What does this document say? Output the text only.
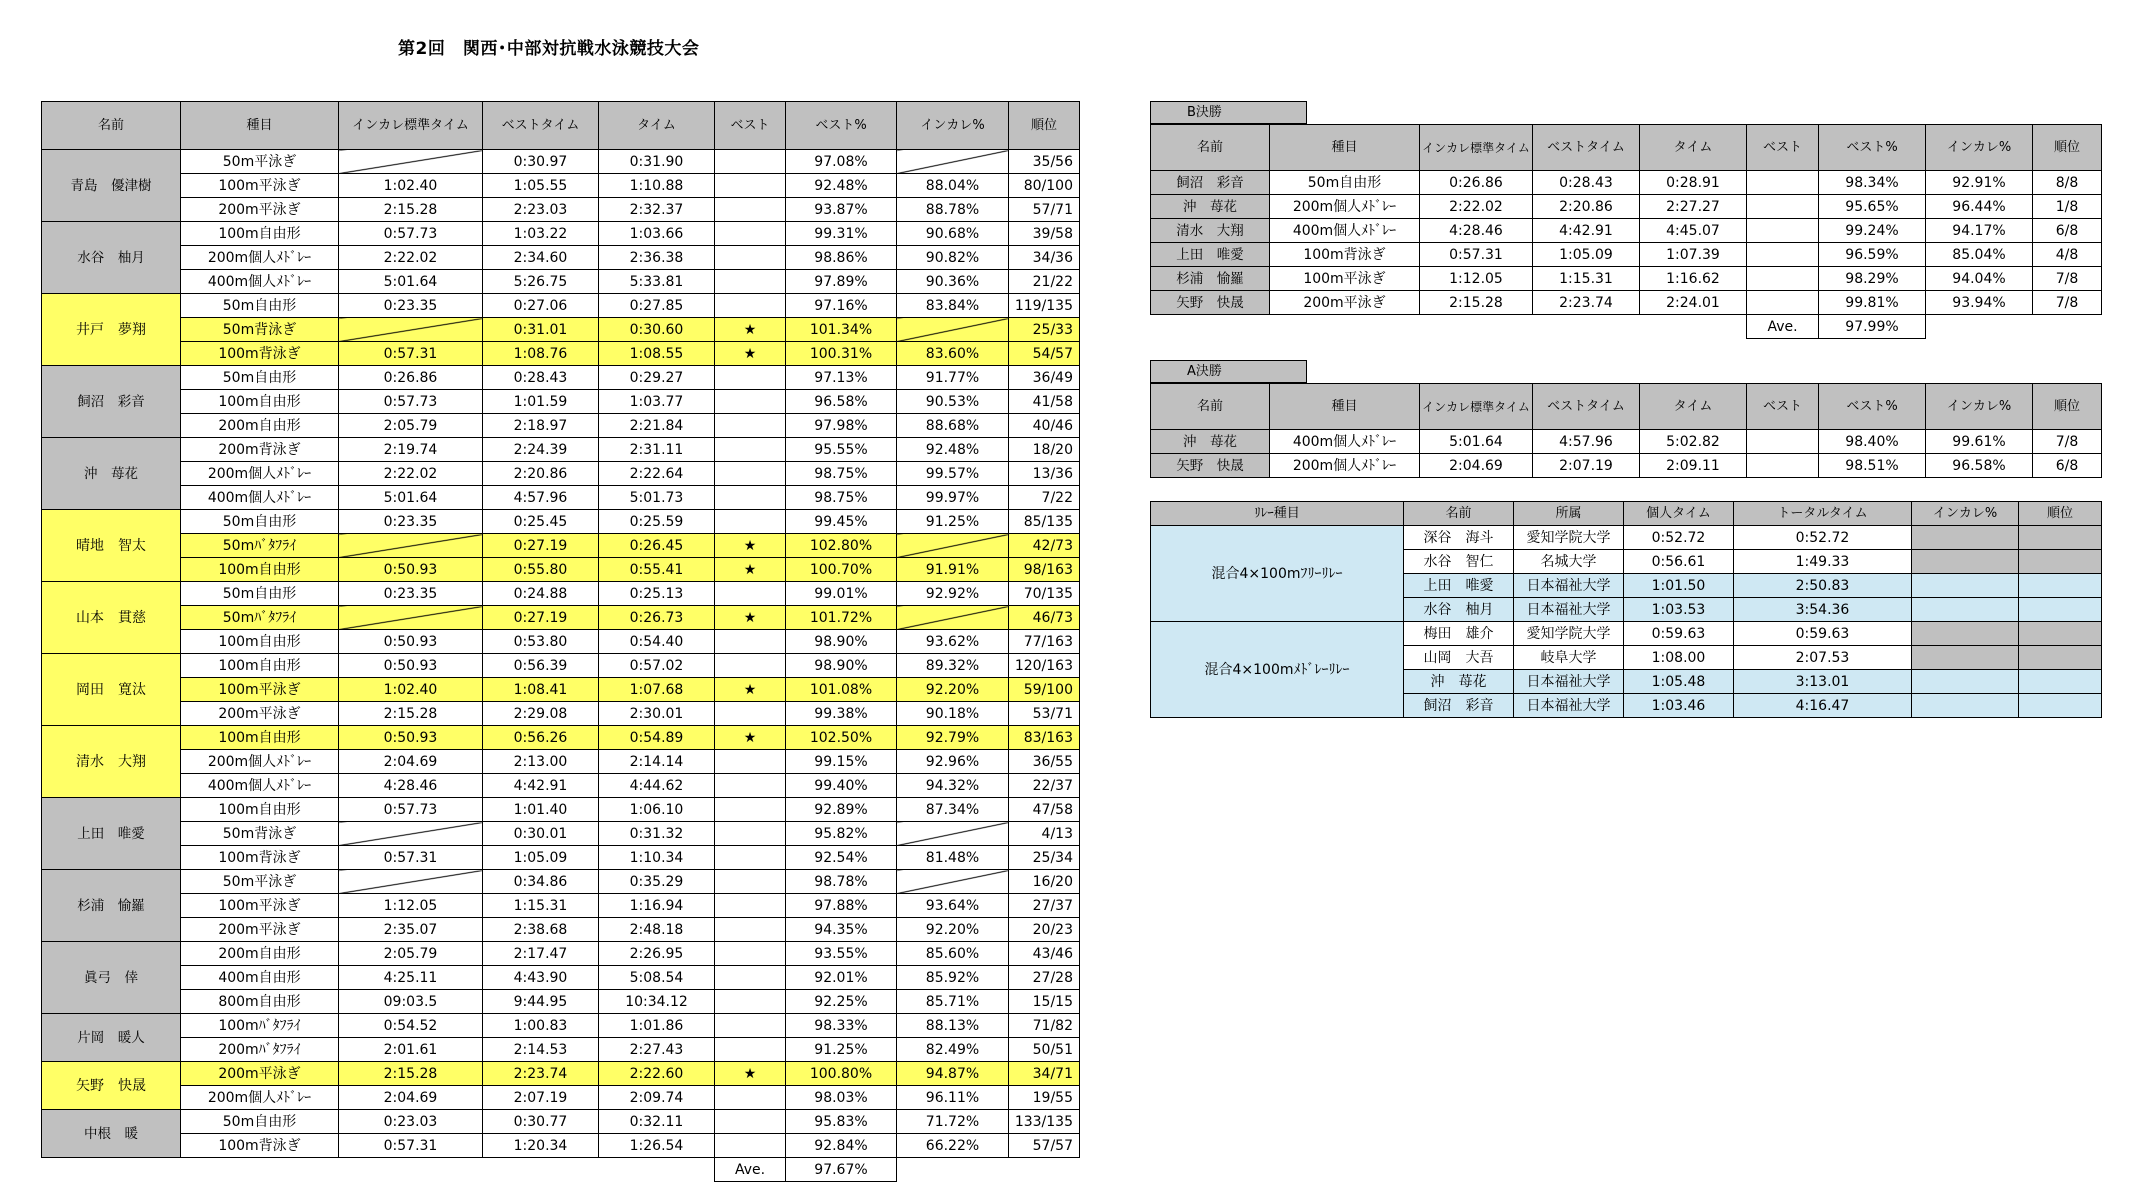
第2回　関西･中部対抗戦水泳競技大会
名前	種目	インカレ標準タイム	ベストタイム	タイム	ベスト	ベスト%	インカレ%	順位
青島　優津樹	50m平泳ぎ		0:30.97	0:31.90		97.08%		35/56
	100m平泳ぎ	1:02.40	1:05.55	1:10.88		92.48%	88.04%	80/100
	200m平泳ぎ	2:15.28	2:23.03	2:32.37		93.87%	88.78%	57/71
水谷　柚月	100m自由形	0:57.73	1:03.22	1:03.66		99.31%	90.68%	39/58
	200m個人ﾒﾄﾞﾚｰ	2:22.02	2:34.60	2:36.38		98.86%	90.82%	34/36
	400m個人ﾒﾄﾞﾚｰ	5:01.64	5:26.75	5:33.81		97.89%	90.36%	21/22
井戸　夢翔	50m自由形	0:23.35	0:27.06	0:27.85		97.16%	83.84%	119/135
	50m背泳ぎ		0:31.01	0:30.60	★	101.34%		25/33
	100m背泳ぎ	0:57.31	1:08.76	1:08.55	★	100.31%	83.60%	54/57
飼沼　彩音	50m自由形	0:26.86	0:28.43	0:29.27		97.13%	91.77%	36/49
	100m自由形	0:57.73	1:01.59	1:03.77		96.58%	90.53%	41/58
	200m自由形	2:05.79	2:18.97	2:21.84		97.98%	88.68%	40/46
沖　苺花	200m背泳ぎ	2:19.74	2:24.39	2:31.11		95.55%	92.48%	18/20
	200m個人ﾒﾄﾞﾚｰ	2:22.02	2:20.86	2:22.64		98.75%	99.57%	13/36
	400m個人ﾒﾄﾞﾚｰ	5:01.64	4:57.96	5:01.73		98.75%	99.97%	7/22
晴地　智太	50m自由形	0:23.35	0:25.45	0:25.59		99.45%	91.25%	85/135
	50mﾊﾞﾀﾌﾗｲ		0:27.19	0:26.45	★	102.80%		42/73
	100m自由形	0:50.93	0:55.80	0:55.41	★	100.70%	91.91%	98/163
山本　貫慈	50m自由形	0:23.35	0:24.88	0:25.13		99.01%	92.92%	70/135
	50mﾊﾞﾀﾌﾗｲ		0:27.19	0:26.73	★	101.72%		46/73
	100m自由形	0:50.93	0:53.80	0:54.40		98.90%	93.62%	77/163
岡田　寛汰	100m自由形	0:50.93	0:56.39	0:57.02		98.90%	89.32%	120/163
	100m平泳ぎ	1:02.40	1:08.41	1:07.68	★	101.08%	92.20%	59/100
	200m平泳ぎ	2:15.28	2:29.08	2:30.01		99.38%	90.18%	53/71
清水　大翔	100m自由形	0:50.93	0:56.26	0:54.89	★	102.50%	92.79%	83/163
	200m個人ﾒﾄﾞﾚｰ	2:04.69	2:13.00	2:14.14		99.15%	92.96%	36/55
	400m個人ﾒﾄﾞﾚｰ	4:28.46	4:42.91	4:44.62		99.40%	94.32%	22/37
上田　唯愛	100m自由形	0:57.73	1:01.40	1:06.10		92.89%	87.34%	47/58
	50m背泳ぎ		0:30.01	0:31.32		95.82%		4/13
	100m背泳ぎ	0:57.31	1:05.09	1:10.34		92.54%	81.48%	25/34
杉浦　愉羅	50m平泳ぎ		0:34.86	0:35.29		98.78%		16/20
	100m平泳ぎ	1:12.05	1:15.31	1:16.94		97.88%	93.64%	27/37
	200m平泳ぎ	2:35.07	2:38.68	2:48.18		94.35%	92.20%	20/23
眞弓　倖	200m自由形	2:05.79	2:17.47	2:26.95		93.55%	85.60%	43/46
	400m自由形	4:25.11	4:43.90	5:08.54		92.01%	85.92%	27/28
	800m自由形	09:03.5	9:44.95	10:34.12		92.25%	85.71%	15/15
片岡　暖人	100mﾊﾞﾀﾌﾗｲ	0:54.52	1:00.83	1:01.86		98.33%	88.13%	71/82
	200mﾊﾞﾀﾌﾗｲ	2:01.61	2:14.53	2:27.43		91.25%	82.49%	50/51
矢野　快晟	200m平泳ぎ	2:15.28	2:23.74	2:22.60	★	100.80%	94.87%	34/71
	200m個人ﾒﾄﾞﾚｰ	2:04.69	2:07.19	2:09.74		98.03%	96.11%	19/55
中根　暖	50m自由形	0:23.03	0:30.77	0:32.11		95.83%	71.72%	133/135
	100m背泳ぎ	0:57.31	1:20.34	1:26.54		92.84%	66.22%	57/57
					Ave.	97.67%		
B決勝
名前	種目	インカレ標準タイム	ベストタイム	タイム	ベスト	ベスト%	インカレ%	順位
飼沼　彩音	50m自由形	0:26.86	0:28.43	0:28.91		98.34%	92.91%	8/8
沖　苺花	200m個人ﾒﾄﾞﾚｰ	2:22.02	2:20.86	2:27.27		95.65%	96.44%	1/8
清水　大翔	400m個人ﾒﾄﾞﾚｰ	4:28.46	4:42.91	4:45.07		99.24%	94.17%	6/8
上田　唯愛	100m背泳ぎ	0:57.31	1:05.09	1:07.39		96.59%	85.04%	4/8
杉浦　愉羅	100m平泳ぎ	1:12.05	1:15.31	1:16.62		98.29%	94.04%	7/8
矢野　快晟	200m平泳ぎ	2:15.28	2:23.74	2:24.01		99.81%	93.94%	7/8
					Ave.	97.99%		
A決勝
名前	種目	インカレ標準タイム	ベストタイム	タイム	ベスト	ベスト%	インカレ%	順位
沖　苺花	400m個人ﾒﾄﾞﾚｰ	5:01.64	4:57.96	5:02.82		98.40%	99.61%	7/8
矢野　快晟	200m個人ﾒﾄﾞﾚｰ	2:04.69	2:07.19	2:09.11		98.51%	96.58%	6/8
ﾘﾚｰ種目	名前	所属	個人タイム	トータルタイム	インカレ%	順位
混合4×100mﾌﾘｰﾘﾚｰ	深谷　海斗	愛知学院大学	0:52.72	0:52.72		
	水谷　智仁	名城大学	0:56.61	1:49.33		
	上田　唯愛	日本福祉大学	1:01.50	2:50.83		
	水谷　柚月	日本福祉大学	1:03.53	3:54.36		
混合4×100mﾒﾄﾞﾚｰﾘﾚｰ	梅田　雄介	愛知学院大学	0:59.63	0:59.63		
	山岡　大吾	岐阜大学	1:08.00	2:07.53		
	沖　苺花	日本福祉大学	1:05.48	3:13.01		
	飼沼　彩音	日本福祉大学	1:03.46	4:16.47		
